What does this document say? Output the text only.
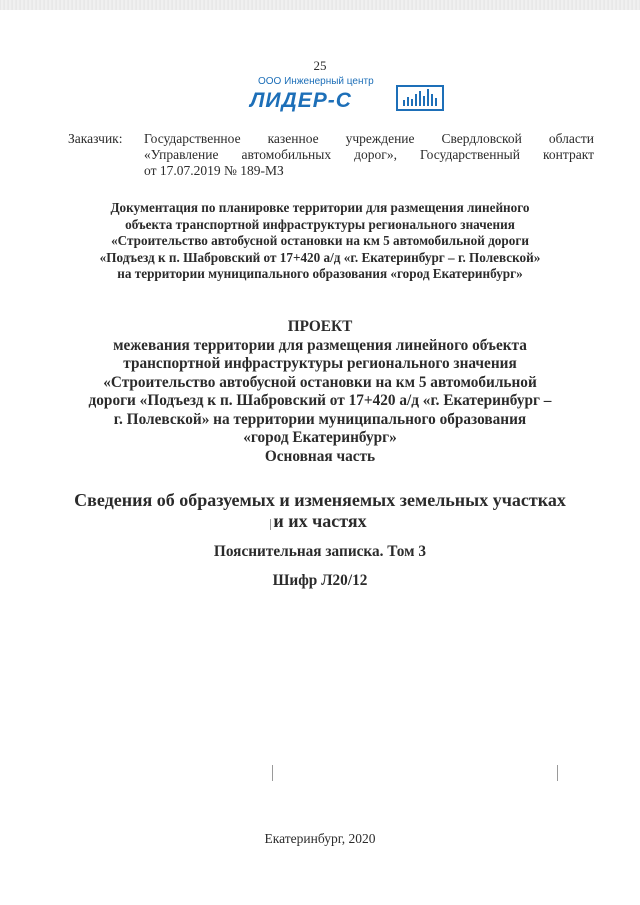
25
ООО Инженерный центр
ЛИДЕР-С
Заказчик:	Государственное казенное учреждение Свердловской области
«Управление автомобильных дорог», Государственный контракт
от 17.07.2019 № 189-МЗ
Документация по планировке территории для размещения линейного
объекта транспортной инфраструктуры регионального значения
«Строительство автобусной остановки на км 5 автомобильной дороги
«Подъезд к п. Шабровский от 17+420 а/д «г. Екатеринбург – г. Полевской»
на территории муниципального образования «город Екатеринбург»
ПРОЕКТ
межевания территории для размещения линейного объекта
транспортной инфраструктуры регионального значения
«Строительство автобусной остановки на км 5 автомобильной
дороги «Подъезд к п. Шабровский от 17+420 а/д «г. Екатеринбург –
г. Полевской» на территории муниципального образования
«город Екатеринбург»
Основная часть
Сведения об образуемых и изменяемых земельных участках
и их частях
Пояснительная записка. Том 3
Шифр Л20/12
Екатеринбург, 2020
